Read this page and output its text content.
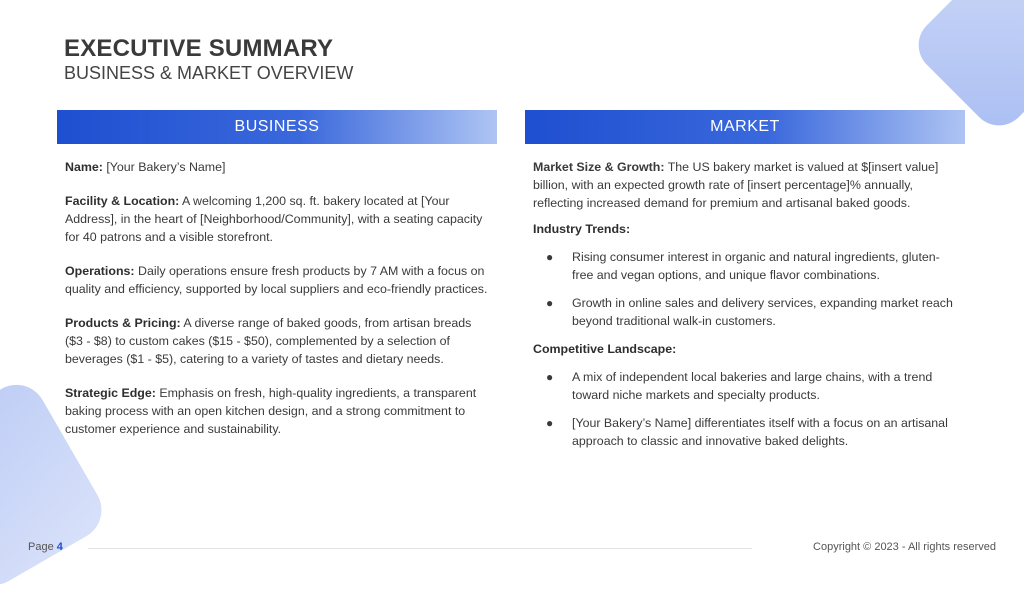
EXECUTIVE SUMMARY
BUSINESS & MARKET OVERVIEW
BUSINESS

Name: [Your Bakery’s Name]

Facility & Location: A welcoming 1,200 sq. ft. bakery located at [Your Address], in the heart of [Neighborhood/Community], with a seating capacity for 40 patrons and a visible storefront.

Operations: Daily operations ensure fresh products by 7 AM with a focus on quality and efficiency, supported by local suppliers and eco-friendly practices.

Products & Pricing: A diverse range of baked goods, from artisan breads ($3 - $8) to custom cakes ($15 - $50), complemented by a selection of beverages ($1 - $5), catering to a variety of tastes and dietary needs.

Strategic Edge: Emphasis on fresh, high-quality ingredients, a transparent baking process with an open kitchen design, and a strong commitment to customer experience and sustainability.

MARKET

Market Size & Growth: The US bakery market is valued at $[insert value] billion, with an expected growth rate of [insert percentage]% annually, reflecting increased demand for premium and artisanal baked goods.

Industry Trends:
● Rising consumer interest in organic and natural ingredients, gluten-free and vegan options, and unique flavor combinations.
● Growth in online sales and delivery services, expanding market reach beyond traditional walk-in customers.
Competitive Landscape:
● A mix of independent local bakeries and large chains, with a trend toward niche markets and specialty products.
● [Your Bakery’s Name] differentiates itself with a focus on an artisanal approach to classic and innovative baked delights.
Page 4	Copyright © 2023 - All rights reserved
